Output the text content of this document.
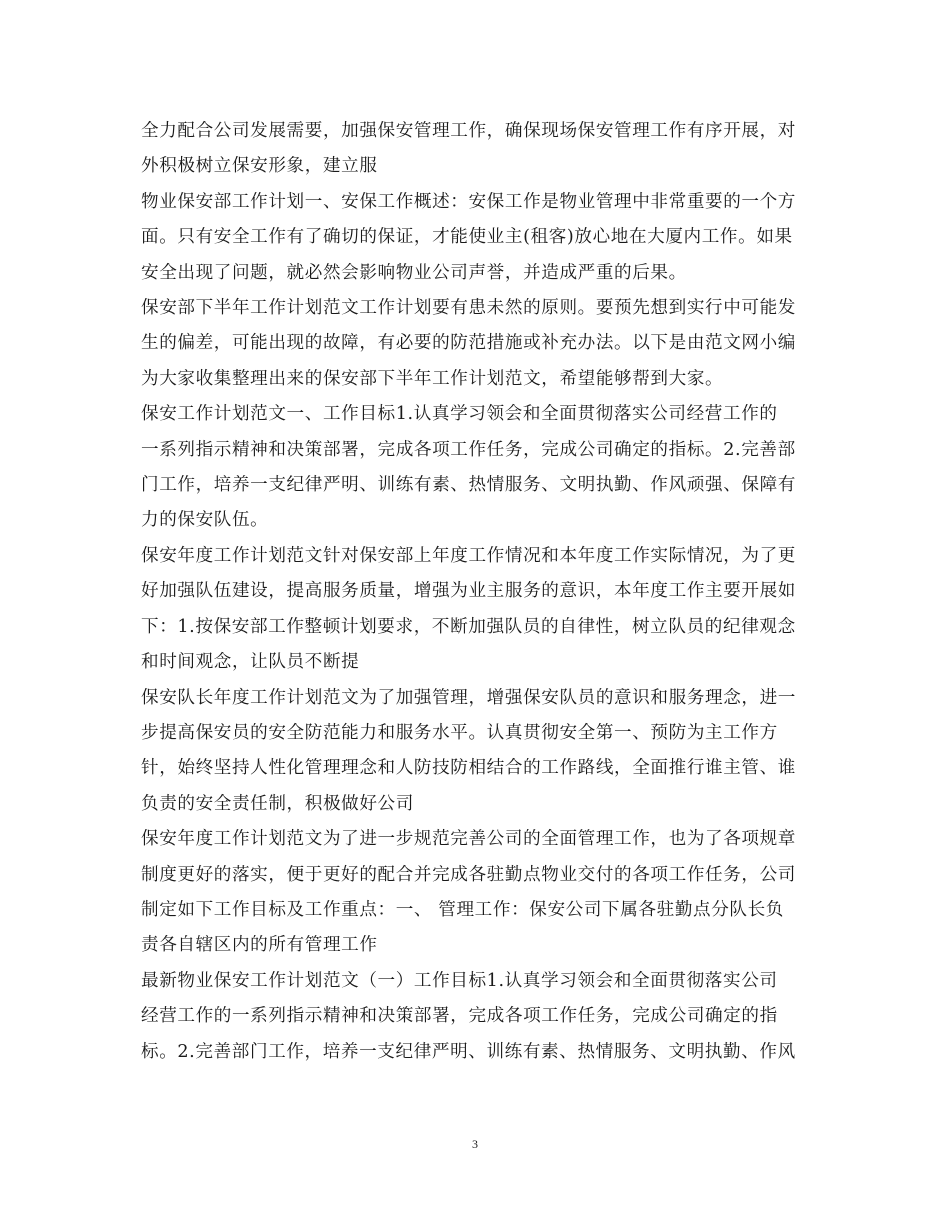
全力配合公司发展需要，加强保安管理工作，确保现场保安管理工作有序开展，对
外积极树立保安形象，建立服

物业保安部工作计划一、安保工作概述：安保工作是物业管理中非常重要的一个方
面。只有安全工作有了确切的保证，才能使业主(租客)放心地在大厦内工作。如果
安全出现了问题，就必然会影响物业公司声誉，并造成严重的后果。

保安部下半年工作计划范文工作计划要有患未然的原则。要预先想到实行中可能发
生的偏差，可能出现的故障，有必要的防范措施或补充办法。以下是由范文网小编
为大家收集整理出来的保安部下半年工作计划范文，希望能够帮到大家。

保安工作计划范文一、工作目标1.认真学习领会和全面贯彻落实公司经营工作的
一系列指示精神和决策部署，完成各项工作任务，完成公司确定的指标。2.完善部
门工作，培养一支纪律严明、训练有素、热情服务、文明执勤、作风顽强、保障有
力的保安队伍。

保安年度工作计划范文针对保安部上年度工作情况和本年度工作实际情况，为了更
好加强队伍建设，提高服务质量，增强为业主服务的意识，本年度工作主要开展如
下：1.按保安部工作整顿计划要求，不断加强队员的自律性，树立队员的纪律观念
和时间观念，让队员不断提

保安队长年度工作计划范文为了加强管理，增强保安队员的意识和服务理念，进一
步提高保安员的安全防范能力和服务水平。认真贯彻安全第一、预防为主工作方
针，始终坚持人性化管理理念和人防技防相结合的工作路线，全面推行谁主管、谁
负责的安全责任制，积极做好公司

保安年度工作计划范文为了进一步规范完善公司的全面管理工作，也为了各项规章
制度更好的落实，便于更好的配合并完成各驻勤点物业交付的各项工作任务，公司
制定如下工作目标及工作重点：一、 管理工作：保安公司下属各驻勤点分队长负
责各自辖区内的所有管理工作

最新物业保安工作计划范文（一）工作目标1.认真学习领会和全面贯彻落实公司
经营工作的一系列指示精神和决策部署，完成各项工作任务，完成公司确定的指
标。2.完善部门工作，培养一支纪律严明、训练有素、热情服务、文明执勤、作风

3
